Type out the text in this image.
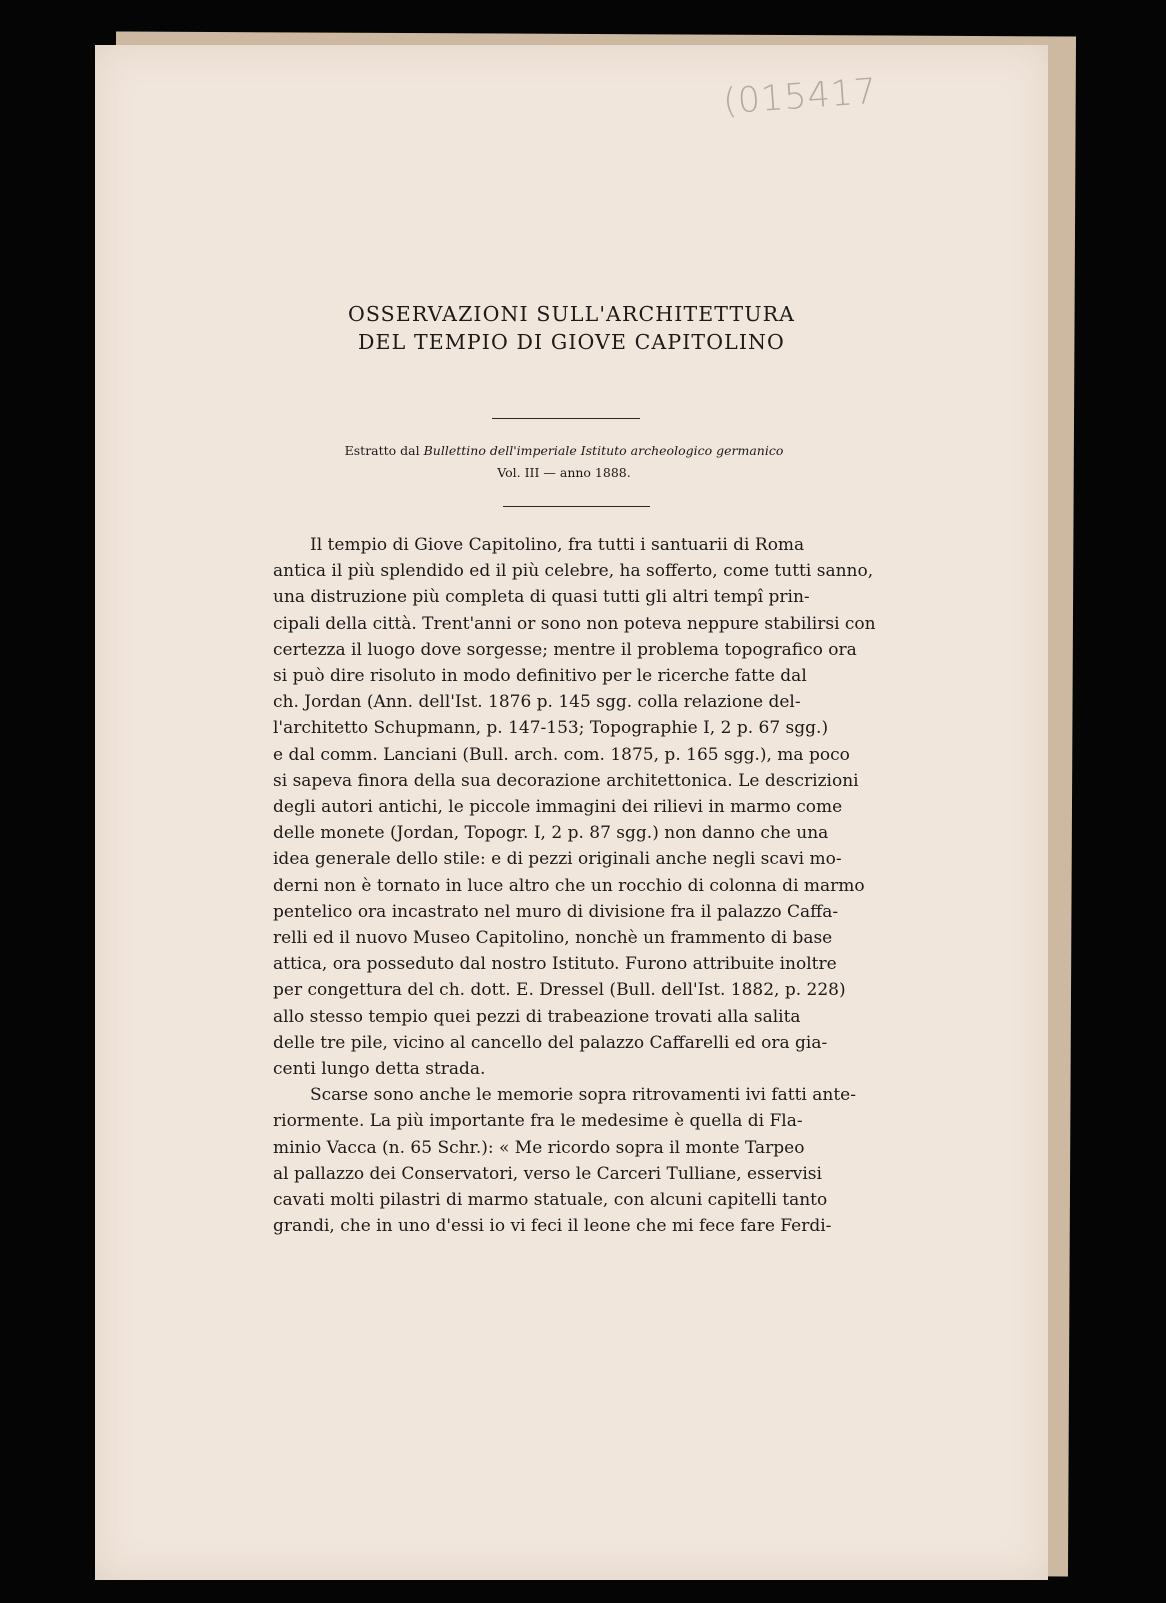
(015417

OSSERVAZIONI SULL'ARCHITETTURA
DEL TEMPIO DI GIOVE CAPITOLINO

Estratto dal Bullettino dell'imperiale Istituto archeologico germanico
Vol. III — anno 1888.

Il tempio di Giove Capitolino, fra tutti i santuarii di Roma
antica il più splendido ed il più celebre, ha sofferto, come tutti sanno,
una distruzione più completa di quasi tutti gli altri tempî prin-
cipali della città. Trent'anni or sono non poteva neppure stabilirsi con
certezza il luogo dove sorgesse; mentre il problema topografico ora
si può dire risoluto in modo definitivo per le ricerche fatte dal
ch. Jordan (Ann. dell'Ist. 1876 p. 145 sgg. colla relazione del-
l'architetto Schupmann, p. 147-153; Topographie I, 2 p. 67 sgg.)
e dal comm. Lanciani (Bull. arch. com. 1875, p. 165 sgg.), ma poco
si sapeva finora della sua decorazione architettonica. Le descrizioni
degli autori antichi, le piccole immagini dei rilievi in marmo come
delle monete (Jordan, Topogr. I, 2 p. 87 sgg.) non danno che una
idea generale dello stile: e di pezzi originali anche negli scavi mo-
derni non è tornato in luce altro che un rocchio di colonna di marmo
pentelico ora incastrato nel muro di divisione fra il palazzo Caffa-
relli ed il nuovo Museo Capitolino, nonchè un frammento di base
attica, ora posseduto dal nostro Istituto. Furono attribuite inoltre
per congettura del ch. dott. E. Dressel (Bull. dell'Ist. 1882, p. 228)
allo stesso tempio quei pezzi di trabeazione trovati alla salita
delle tre pile, vicino al cancello del palazzo Caffarelli ed ora gia-
centi lungo detta strada.
Scarse sono anche le memorie sopra ritrovamenti ivi fatti ante-
riormente. La più importante fra le medesime è quella di Fla-
minio Vacca (n. 65 Schr.): « Me ricordo sopra il monte Tarpeo
al pallazzo dei Conservatori, verso le Carceri Tulliane, esservisi
cavati molti pilastri di marmo statuale, con alcuni capitelli tanto
grandi, che in uno d'essi io vi feci il leone che mi fece fare Ferdi-
